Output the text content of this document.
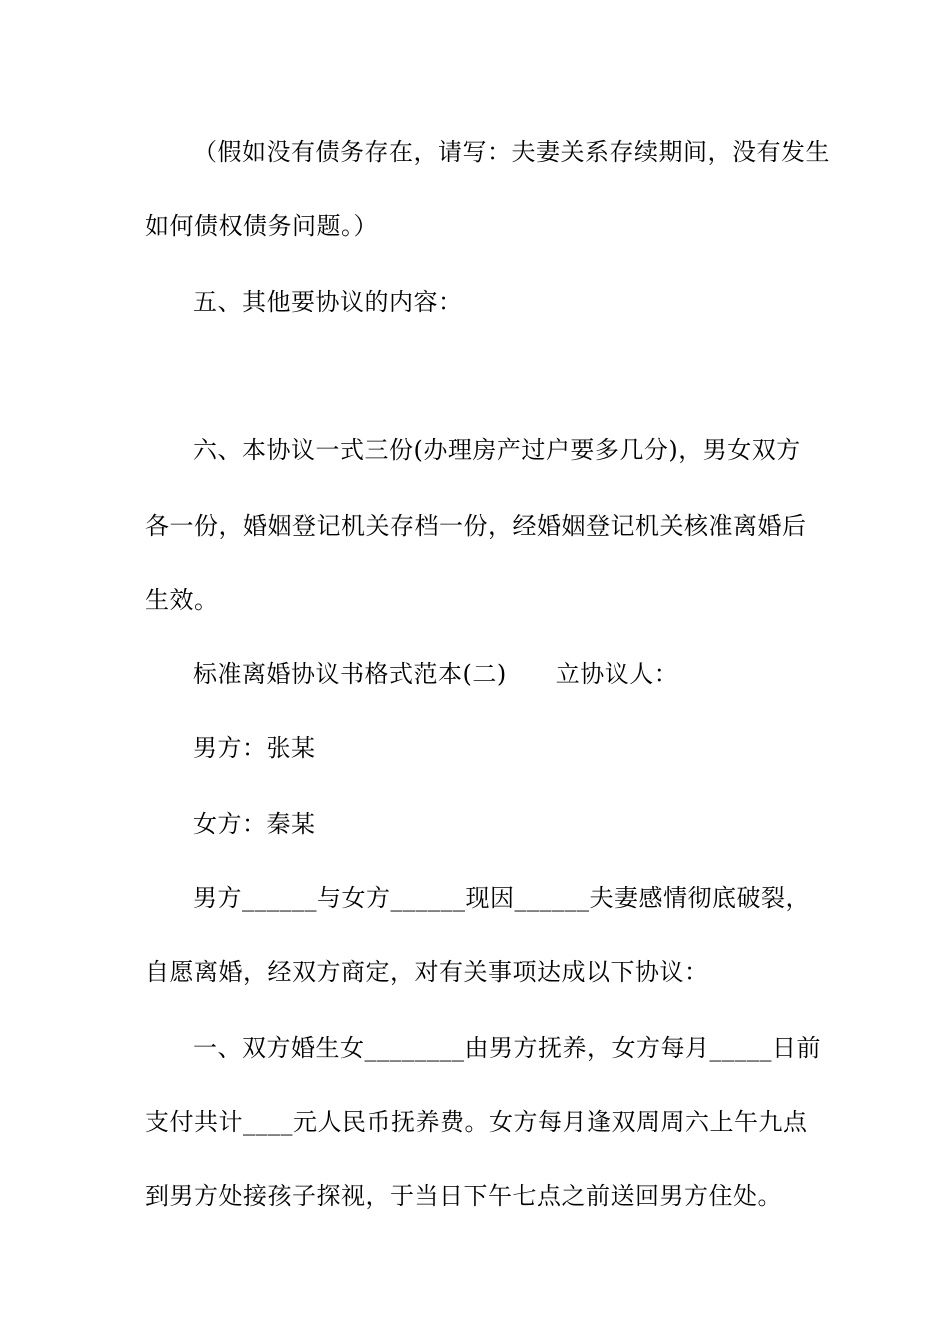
（假如没有债务存在，请写：夫妻关系存续期间，没有发生
如何债权债务问题。）
五、其他要协议的内容：
六、本协议一式三份(办理房产过户要多几分)，男女双方
各一份，婚姻登记机关存档一份，经婚姻登记机关核准离婚后
生效。
标准离婚协议书格式范本(二)　　立协议人：
男方：张某
女方：秦某
男方______与女方______现因______夫妻感情彻底破裂，
自愿离婚，经双方商定，对有关事项达成以下协议：
一、双方婚生女________由男方抚养，女方每月_____日前
支付共计____元人民币抚养费。女方每月逢双周周六上午九点
到男方处接孩子探视，于当日下午七点之前送回男方住处。
